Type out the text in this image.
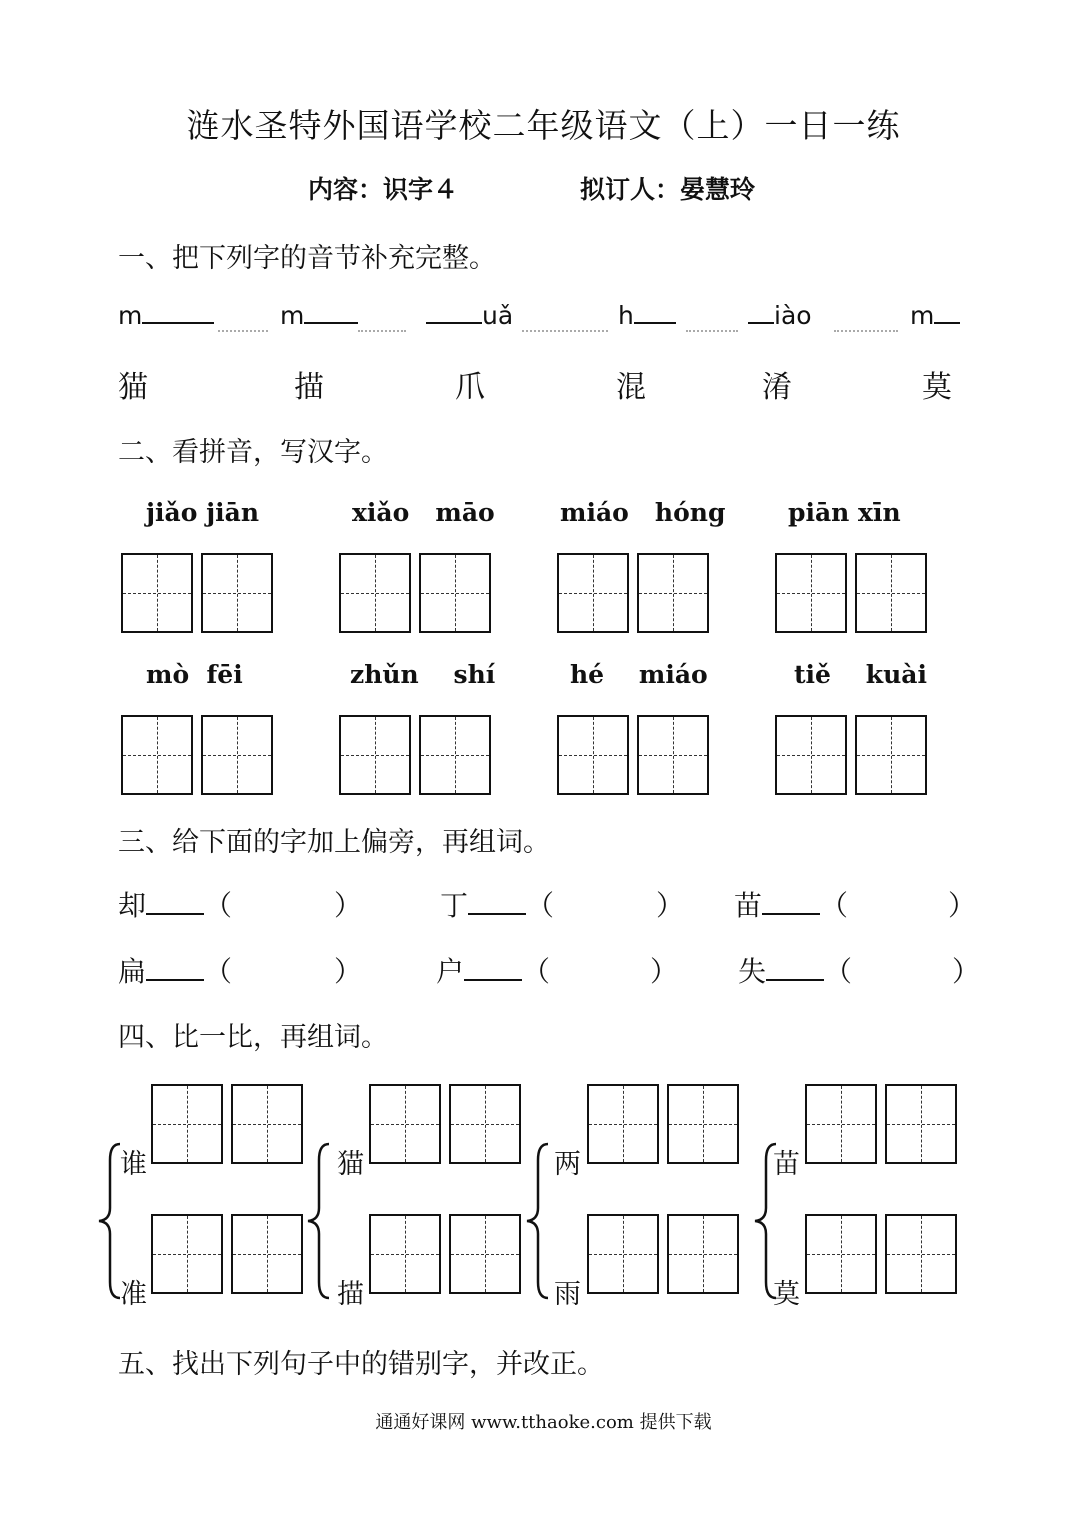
涟水圣特外国语学校二年级语文（上）一日一练
内容：识字４	拟订人：晏慧玲
一、把下列字的音节补充完整。
m	m	uǎ	h	iào	m
猫	描	爪	混	淆	莫
二、看拼音，写汉字。
jiǎo jiān	xiǎo   māo	miáo   hóng	piān xīn
mò  fēi	zhǔn    shí	hé    miáo	tiě    kuài
三、给下面的字加上偏旁，再组词。
却 （	）	丁 （	） 苗 （	）
扁 （	）	户 （	） 失 （	）
四、比一比，再组词。
谁
准
猫
描
两
雨
苗
莫
五、找出下列句子中的错别字，并改正。
通通好课网 www.tthaoke.com 提供下载
